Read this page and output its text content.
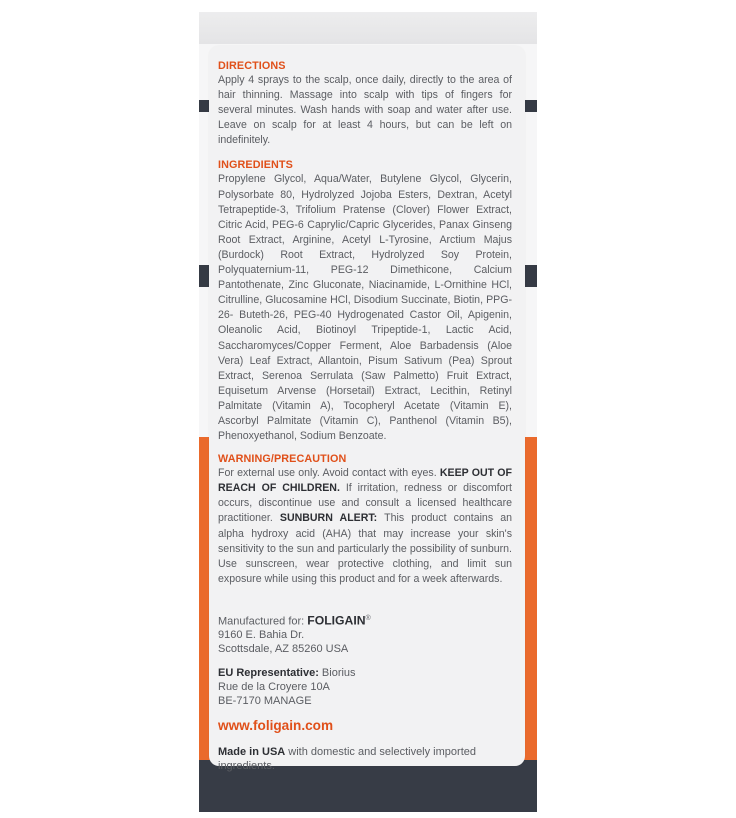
DIRECTIONS

Apply 4 sprays to the scalp, once daily, directly to the area of hair thinning. Massage into scalp with tips of fingers for several minutes. Wash hands with soap and water after use. Leave on scalp for at least 4 hours, but can be left on indefinitely.

INGREDIENTS

Propylene Glycol, Aqua/Water, Butylene Glycol, Glycerin, Polysorbate 80, Hydrolyzed Jojoba Esters, Dextran, Acetyl Tetrapeptide-3, Trifolium Pratense (Clover) Flower Extract, Citric Acid, PEG-6 Caprylic/Capric Glycerides, Panax Ginseng Root Extract, Arginine, Acetyl L-Tyrosine, Arctium Majus (Burdock) Root Extract, Hydrolyzed Soy Protein, Polyquaternium-11, PEG-12 Dimethicone, Calcium Pantothenate, Zinc Gluconate, Niacinamide, L-Ornithine HCl, Citrulline, Glucosamine HCl, Disodium Succinate, Biotin, PPG-26- Buteth-26, PEG-40 Hydrogenated Castor Oil, Apigenin, Oleanolic Acid, Biotinoyl Tripeptide-1, Lactic Acid, Saccharomyces/Copper Ferment, Aloe Barbadensis (Aloe Vera) Leaf Extract, Allantoin, Pisum Sativum (Pea) Sprout Extract, Serenoa Serrulata (Saw Palmetto) Fruit Extract, Equisetum Arvense (Horsetail) Extract, Lecithin, Retinyl Palmitate (Vitamin A), Tocopheryl Acetate (Vitamin E), Ascorbyl Palmitate (Vitamin C), Panthenol (Vitamin B5), Phenoxyethanol, Sodium Benzoate.

WARNING/PRECAUTION

For external use only. Avoid contact with eyes. KEEP OUT OF REACH OF CHILDREN. If irritation, redness or discomfort occurs, discontinue use and consult a licensed healthcare practitioner. SUNBURN ALERT: This product contains an alpha hydroxy acid (AHA) that may increase your skin's sensitivity to the sun and particularly the possibility of sunburn. Use sunscreen, wear protective clothing, and limit sun exposure while using this product and for a week afterwards.

Manufactured for: FOLIGAIN®
9160 E. Bahia Dr.
Scottsdale, AZ 85260 USA
EU Representative: Biorius
Rue de la Croyere 10A
BE-7170 MANAGE
www.foligain.com
Made in USA with domestic and selectively imported ingredients.
